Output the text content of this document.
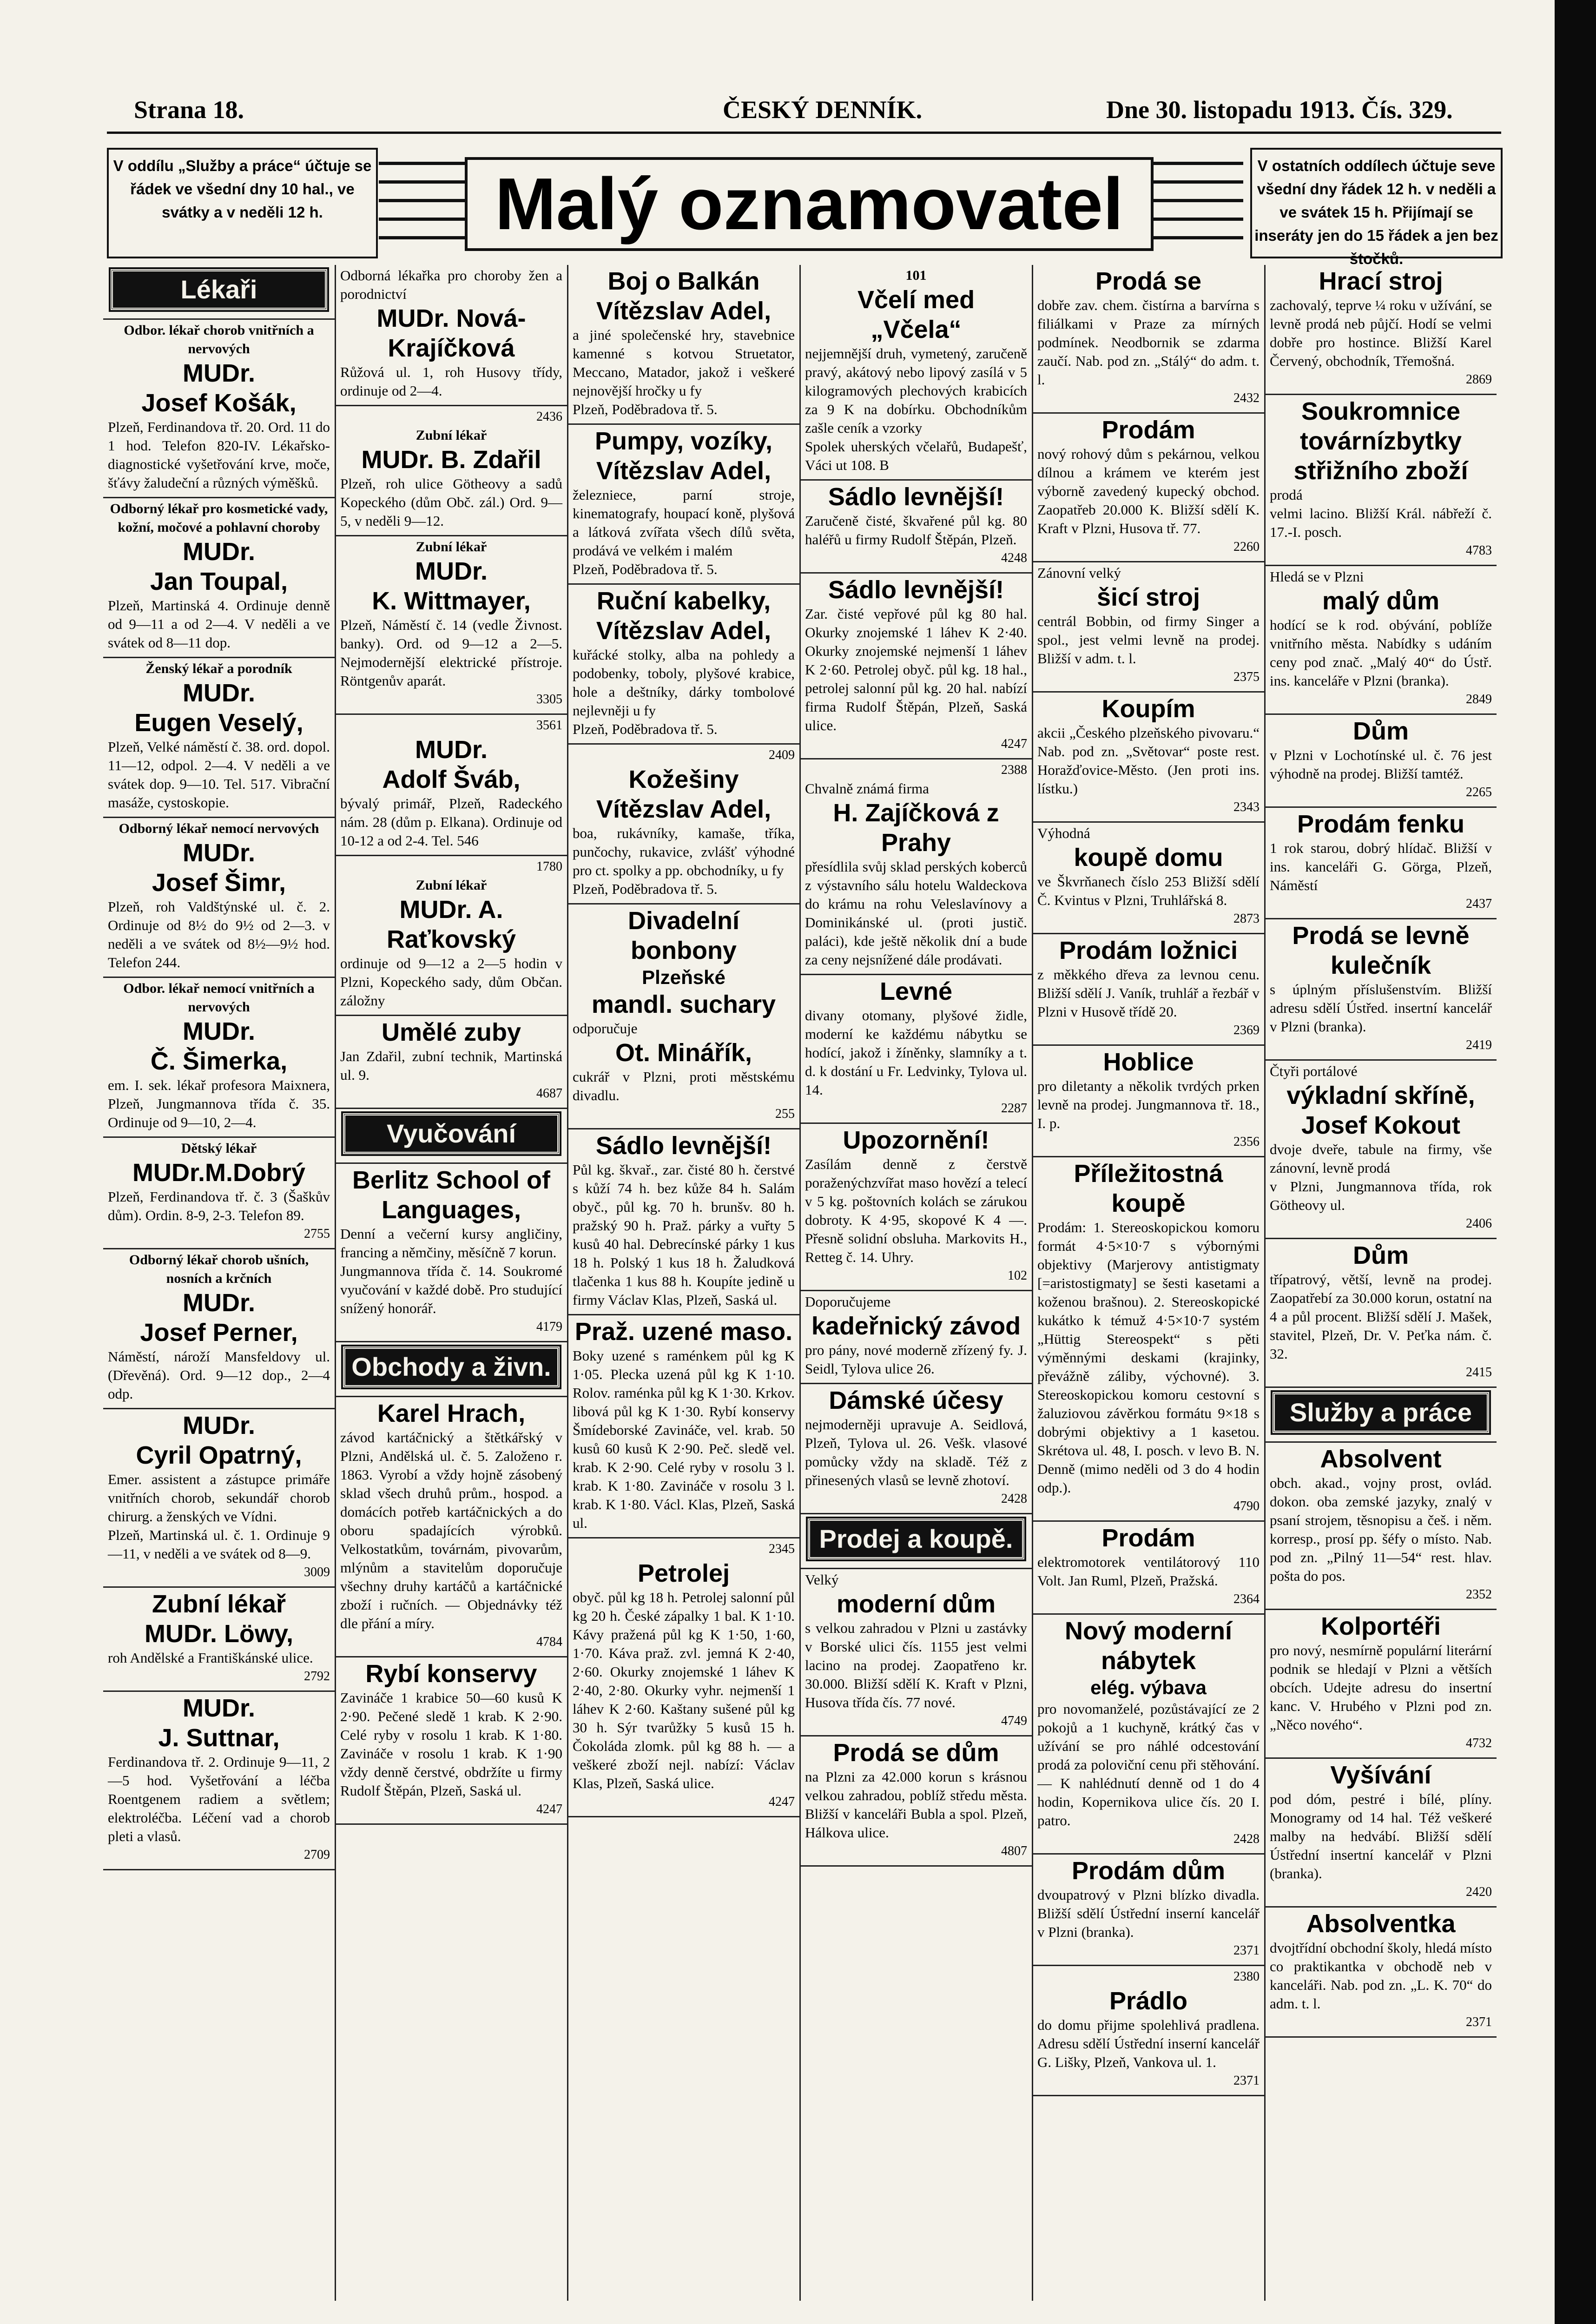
Strana 18.	ČESKÝ DENNÍK.	Dne 30. listopadu 1913. Čís. 329.
V oddílu „Služby a práce“ účtuje se řádek ve všední dny 10 hal., ve svátky a v neděli 12 h.
V ostatních oddílech účtuje seve všední dny řádek 12 h. v neděli a ve svátek 15 h. Přijímají se inseráty jen do 15 řádek a jen bez štočků.
Malý oznamovatel
Lékaři
Odbor. lékař chorob vnitřních a nervových
MUDr.
Josef Košák,
Plzeň, Ferdinandova tř. 20. Ord. 11 do 1 hod. Telefon 820-IV. Lékařsko-diagnostické vyšetřování krve, moče, šťávy žaludeční a různých výměšků.
Odborný lékař pro kosmetické vady, kožní, močové a pohlavní choroby
MUDr.
Jan Toupal,
Plzeň, Martinská 4. Ordinuje denně od 9—11 a od 2—4. V neděli a ve svátek od 8—11 dop.
Ženský lékař a porodník
MUDr.
Eugen Veselý,
Plzeň, Velké náměstí č. 38. ord. dopol. 11—12, odpol. 2—4. V neděli a ve svátek dop. 9—10. Tel. 517. Vibrační masáže, cystoskopie.
Odborný lékař nemocí nervových
MUDr.
Josef Šimr,
Plzeň, roh Valdštýnské ul. č. 2. Ordinuje od 8½ do 9½ od 2—3. v neděli a ve svátek od 8½—9½ hod. Telefon 244.
Odbor. lékař nemocí vnitřních a nervových
MUDr.
Č. Šimerka,
em. I. sek. lékař profesora Maixnera, Plzeň, Jungmannova třída č. 35. Ordinuje od 9—10, 2—4.
Dětský lékař
MUDr.M.Dobrý
Plzeň, Ferdinandova tř. č. 3 (Šaškův dům). Ordin. 8-9, 2-3. Telefon 89.
2755
Odborný lékař chorob ušních, nosních a krčních
MUDr.
Josef Perner,
Náměstí, nároží Mansfeldovy ul. (Dřevěná). Ord. 9—12 dop., 2—4 odp.
MUDr.
Cyril Opatrný,
Emer. assistent a zástupce primáře vnitřních chorob, sekundář chorob chirurg. a ženských ve Vídni.
Plzeň, Martinská ul. č. 1. Ordinuje 9—11, v neděli a ve svátek od 8—9.
3009
Zubní lékař
MUDr. Löwy,
roh Andělské a Františkánské ulice.
2792
MUDr.
J. Suttnar,
Ferdinandova tř. 2. Ordinuje 9—11, 2—5 hod. Vyšetřování a léčba Roentgenem radiem a světlem; elektroléčba. Léčení vad a chorob pleti a vlasů.
2709
Odborná lékařka pro choroby žen a porodnictví
MUDr. Nová-Krajíčková
Růžová ul. 1, roh Husovy třídy, ordinuje od 2—4.
2436
Zubní lékař
MUDr. B. Zdařil
Plzeň, roh ulice Götheovy a sadů Kopeckého (dům Obč. zál.) Ord. 9—5, v neděli 9—12.
Zubní lékař
MUDr.
K. Wittmayer,
Plzeň, Náměstí č. 14 (vedle Živnost. banky). Ord. od 9—12 a 2—5. Nejmodernější elektrické přístroje. Röntgenův aparát.
3305
3561
MUDr.
Adolf Šváb,
bývalý primář, Plzeň, Radeckého nám. 28 (dům p. Elkana). Ordinuje od 10-12 a od 2-4. Tel. 546
1780
Zubní lékař
MUDr. A. Raťkovský
ordinuje od 9—12 a 2—5 hodin v Plzni, Kopeckého sady, dům Občan. záložny
Umělé zuby
Jan Zdařil, zubní technik, Martinská ul. 9.
4687
Vyučování
Berlitz School of Languages,
Denní a večerní kursy angličiny, francing a němčiny, měsíčně 7 korun.
Jungmannova třída č. 14. Soukromé vyučování v každé době. Pro studující snížený honorář.
4179
Obchody a živn.
Karel Hrach,
závod kartáčnický a štětkářský v Plzni, Andělská ul. č. 5. Založeno r. 1863. Vyrobí a vždy hojně zásobený sklad všech druhů prům., hospod. a domácích potřeb kartáčnických a do oboru spadajících výrobků. Velkostatkům, továrnám, pivovarům, mlýnům a stavitelům doporučuje všechny druhy kartáčů a kartáčnické zboží i ručních. — Objednávky též dle přání a míry.
4784
Rybí konservy
Zavináče 1 krabice 50—60 kusů K 2·90. Pečené sledě 1 krab. K 2·90. Celé ryby v rosolu 1 krab. K 1·80. Zavináče v rosolu 1 krab. K 1·90 vždy denně čerstvé, obdržíte u firmy Rudolf Štěpán, Plzeň, Saská ul.
4247
Boj o Balkán
Vítězslav Adel,
a jiné společenské hry, stavebnice kamenné s kotvou Struetator, Meccano, Matador, jakož i veškeré nejnovější hročky u fy
Plzeň, Poděbradova tř. 5.
Pumpy, vozíky,
Vítězslav Adel,
železniece, parní stroje, kinematografy, houpací koně, plyšová a látková zvířata všech dílů světa, prodává ve velkém i malém
Plzeň, Poděbradova tř. 5.
Ruční kabelky,
Vítězslav Adel,
kuřácké stolky, alba na pohledy a podobenky, toboly, plyšové krabice, hole a deštníky, dárky tombolové nejlevněji u fy
Plzeň, Poděbradova tř. 5.
2409
Kožešiny
Vítězslav Adel,
boa, rukávníky, kamaše, tříka, punčochy, rukavice, zvlášť výhodné pro ct. spolky a pp. obchodníky, u fy
Plzeň, Poděbradova tř. 5.
Divadelní bonbony
Plzeňské
mandl. suchary
odporučuje
Ot. Minářík,
cukrář v Plzni, proti městskému divadlu.
255
Sádlo levnější!
Půl kg. škvař., zar. čisté 80 h. čerstvé s kůží 74 h. bez kůže 84 h. Salám obyč., půl kg. 70 h. brunšv. 80 h. pražský 90 h. Praž. párky a vuřty 5 kusů 40 hal. Debrecínské párky 1 kus 18 h. Polský 1 kus 18 h. Žaludková tlačenka 1 kus 88 h. Koupíte jedině u firmy Václav Klas, Plzeň, Saská ul.
Praž. uzené maso.
Boky uzené s raménkem půl kg K 1·05. Plecka uzená půl kg K 1·10. Rolov. raménka půl kg K 1·30. Krkov. libová půl kg K 1·30. Rybí konservy Šmídeborské Zavináče, vel. krab. 50 kusů 60 kusů K 2·90. Peč. sledě vel. krab. K 2·90. Celé ryby v rosolu 3 l. krab. K 1·80. Zavináče v rosolu 3 l. krab. K 1·80. Václ. Klas, Plzeň, Saská ul.
2345
Petrolej
obyč. půl kg 18 h. Petrolej salonní půl kg 20 h. České zápalky 1 bal. K 1·10. Kávy pražená půl kg K 1·50, 1·60, 1·70. Káva praž. zvl. jemná K 2·40, 2·60. Okurky znojemské 1 láhev K 2·40, 2·80. Okurky vyhr. nejmenší 1 láhev K 2·60. Kaštany sušené půl kg 30 h. Sýr tvarůžky 5 kusů 15 h. Čokoláda zlomk. půl kg 88 h. — a veškeré zboží nejl. nabízí: Václav Klas, Plzeň, Saská ulice.
4247
101
Včelí med
„Včela“
nejjemnější druh, vymetený, zaručeně pravý, akátový nebo lipový zasílá v 5 kilogramových plechových krabicích za 9 K na dobírku. Obchodníkům zašle ceník a vzorky
Spolek uherských včelařů, Budapešť, Váci ut 108. B
Sádlo levnější!
Zaručeně čisté, škvařené půl kg. 80 haléřů u firmy Rudolf Štěpán, Plzeň.
4248
Sádlo levnější!
Zar. čisté vepřové půl kg 80 hal. Okurky znojemské 1 láhev K 2·40. Okurky znojemské nejmenší 1 láhev K 2·60. Petrolej obyč. půl kg. 18 hal., petrolej salonní půl kg. 20 hal. nabízí firma Rudolf Štěpán, Plzeň, Saská ulice.
4247
2388
Chvalně známá firma
H. Zajíčková z Prahy
přesídlila svůj sklad perských koberců z výstavního sálu hotelu Waldeckova do krámu na rohu Veleslavínovy a Dominikánské ul. (proti justič. paláci), kde ještě několik dní a bude za ceny nejsnížené dále prodávati.
Levné
divany otomany, plyšové židle, moderní ke každému nábytku se hodící, jakož i žíněnky, slamníky a t. d. k dostání u Fr. Ledvinky, Tylova ul. 14.
2287
Upozornění!
Zasílám denně z čerstvě poraženýchzvířat maso hovězí a telecí v 5 kg. poštovních kolách se zárukou dobroty. K 4·95, skopové K 4 —. Přesně solidní obsluha. Markovits H., Retteg č. 14. Uhry.
102
Doporučujeme
kadeřnický závod
pro pány, nové moderně zřízený fy. J. Seidl, Tylova ulice 26.
Dámské účesy
nejmoderněji upravuje A. Seidlová, Plzeň, Tylova ul. 26. Vešk. vlasové pomůcky vždy na skladě. Též z přinesených vlasů se levně zhotoví.
2428
Prodej a koupě.
Velký
moderní dům
s velkou zahradou v Plzni u zastávky v Borské ulici čís. 1155 jest velmi lacino na prodej. Zaopatřeno kr. 30.000. Bližší sdělí K. Kraft v Plzni, Husova třída čís. 77 nové.
4749
Prodá se dům
na Plzni za 42.000 korun s krásnou velkou zahradou, poblíž středu města. Bližší v kanceláři Bubla a spol. Plzeň, Hálkova ulice.
4807
Prodá se
dobře zav. chem. čistírna a barvírna s filiálkami v Praze za mírných podmínek. Neodbornik se zdarma zaučí. Nab. pod zn. „Stálý“ do adm. t. l.
2432
Prodám
nový rohový dům s pekárnou, velkou dílnou a krámem ve kterém jest výborně zavedený kupecký obchod. Zaopatřeb 20.000 K. Bližší sdělí K. Kraft v Plzni, Husova tř. 77.
2260
Zánovní velký
šicí stroj
centrál Bobbin, od firmy Singer a spol., jest velmi levně na prodej. Bližší v adm. t. l.
2375
Koupím
akcii „Českého plzeňského pivovaru.“ Nab. pod zn. „Světovar“ poste rest. Horažďovice-Město. (Jen proti ins. lístku.)
2343
Výhodná
koupě domu
ve Škvrňanech číslo 253 Bližší sdělí Č. Kvintus v Plzni, Truhlářská 8.
2873
Prodám ložnici
z měkkého dřeva za levnou cenu. Bližší sdělí J. Vaník, truhlář a řezbář v Plzni v Husově třídě 20.
2369
Hoblice
pro diletanty a několik tvrdých prken levně na prodej. Jungmannova tř. 18., I. p.
2356
Příležitostná koupě
Prodám: 1. Stereoskopickou komoru formát 4·5×10·7 s výbornými objektivy (Marjerovy antistigmaty [=aristostigmaty] se šesti kasetami a koženou brašnou). 2. Stereoskopické kukátko k témuž 4·5×10·7 systém „Hüttig Stereospekt“ s pěti výměnnými deskami (krajinky, převážně záliby, výchovné). 3. Stereoskopickou komoru cestovní s žaluziovou závěrkou formátu 9×18 s dobrými objektivy a 1 kasetou. Skrétova ul. 48, I. posch. v levo B. N. Denně (mimo neděli od 3 do 4 hodin odp.).
4790
Prodám
elektromotorek ventilátorový 110 Volt. Jan Ruml, Plzeň, Pražská.
2364
Nový moderní nábytek
elég. výbava
pro novomanželé, pozůstávající ze 2 pokojů a 1 kuchyně, krátký čas v užívání se pro náhlé odcestování prodá za poloviční cenu při stěhování. — K nahlédnutí denně od 1 do 4 hodin, Kopernikova ulice čís. 20 I. patro.
2428
Prodám dům
dvoupatrový v Plzni blízko divadla. Bližší sdělí Ústřední inserní kancelář v Plzni (branka).
2371
2380
Prádlo
do domu přijme spolehlivá pradlena. Adresu sdělí Ústřední inserní kancelář G. Lišky, Plzeň, Vankova ul. 1.
2371
Hrací stroj
zachovalý, teprve ¼ roku v užívání, se levně prodá neb půjčí. Hodí se velmi dobře pro hostince. Bližší Karel Červený, obchodník, Třemošná.
2869
Soukromnice
továrnízbytky střižního zboží
prodá
velmi lacino. Bližší Král. nábřeží č. 17.-I. posch.
4783
Hledá se v Plzni
malý dům
hodící se k rod. obývání, poblíže vnitřního města. Nabídky s udáním ceny pod znač. „Malý 40“ do Ústř. ins. kanceláře v Plzni (branka).
2849
Dům
v Plzni v Lochotínské ul. č. 76 jest výhodně na prodej. Bližší tamtéž.
2265
Prodám fenku
1 rok starou, dobrý hlídač. Bližší v ins. kanceláři G. Görga, Plzeň, Náměstí
2437
Prodá se levně kulečník
s úplným příslušenstvím. Bližší adresu sdělí Ústřed. insertní kancelář v Plzni (branka).
2419
Čtyři portálové
výkladní skříně,
Josef Kokout
dvoje dveře, tabule na firmy, vše zánovní, levně prodá
v Plzni, Jungmannova třída, rok Götheovy ul.
2406
Dům
třípatrový, větší, levně na prodej. Zaopatřebí za 30.000 korun, ostatní na 4 a půl procent. Bližší sdělí J. Mašek, stavitel, Plzeň, Dr. V. Peťka nám. č. 32.
2415
Služby a práce
Absolvent
obch. akad., vojny prost, ovlád. dokon. oba zemské jazyky, znalý v psaní strojem, těsnopisu a češ. i něm. korresp., prosí pp. šéfy o místo. Nab. pod zn. „Pilný 11—54“ rest. hlav. pošta do pos.
2352
Kolportéři
pro nový, nesmírně populární literární podnik se hledají v Plzni a větších obcích. Udejte adresu do insertní kanc. V. Hrubého v Plzni pod zn. „Něco nového“.
4732
Vyšívání
pod dóm, pestré i bílé, plíny. Monogramy od 14 hal. Též veškeré malby na hedvábí. Bližší sdělí Ústřední insertní kancelář v Plzni (branka).
2420
Absolventka
dvojtřídní obchodní školy, hledá místo co praktikantka v obchodě neb v kanceláři. Nab. pod zn. „L. K. 70“ do adm. t. l.
2371
